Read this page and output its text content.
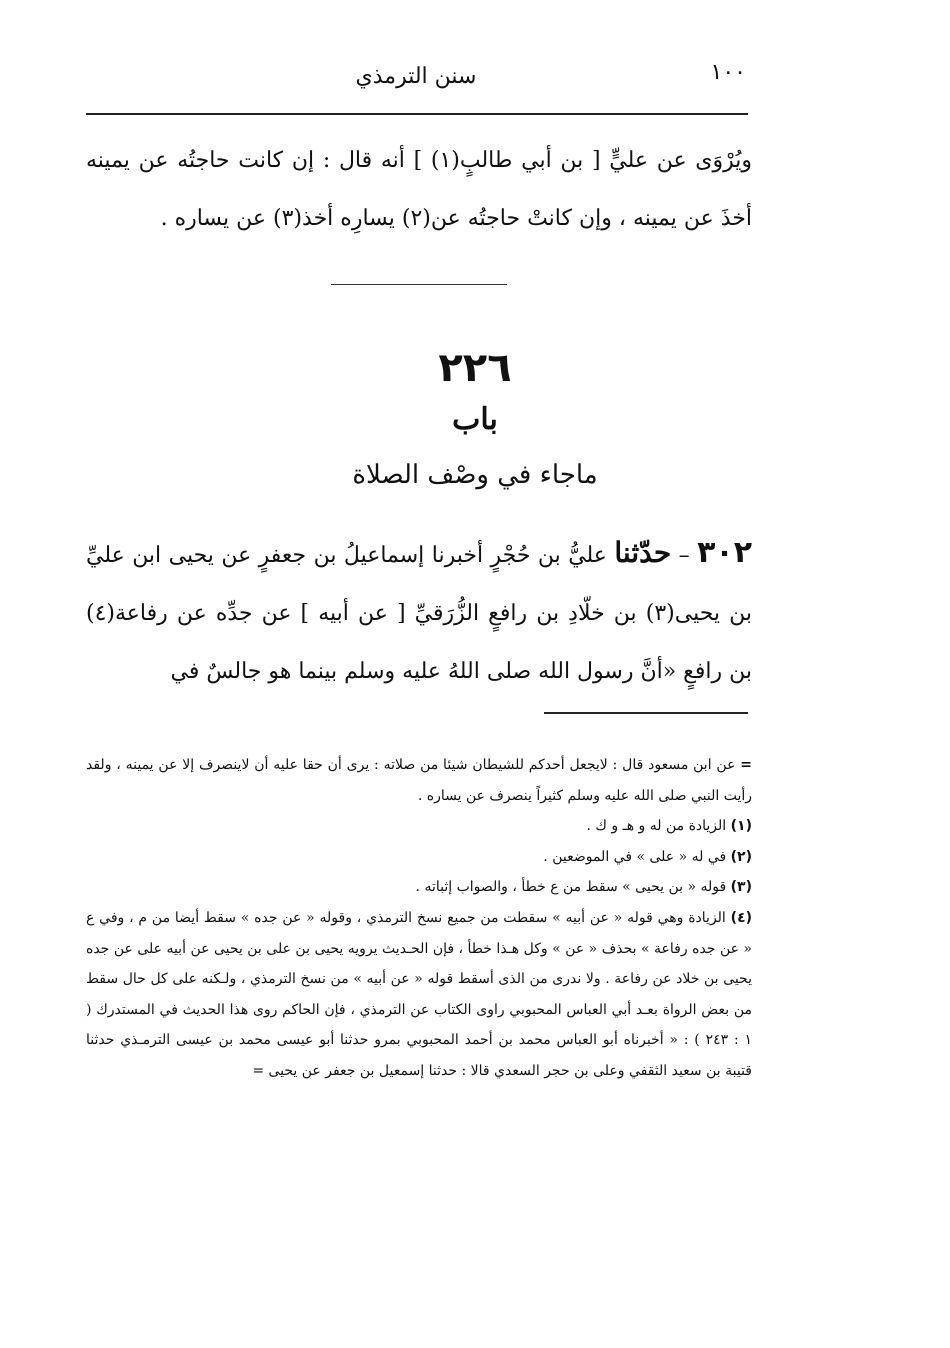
سنن الترمذي	١٠٠
ويُرْوَى عن عليٍّ [ بن أبي طالبٍ(١) ] أنه قال : إن كانت حاجتُه عن يمينه أخذَ عن يمينه ، وإن كانتْ حاجتُه عن(٢) يسارِه أخذ(٣) عن يساره .
٢٢٦
باب
ماجاء في وصْف الصلاة
٣٠٢ – حدّثنا عليُّ بن حُجْرٍ أخبرنا إسماعيلُ بن جعفرٍ عن يحيى ابن عليِّ بن يحيى(٣) بن خلّادِ بن رافعٍ الزُّرَقيِّ [ عن أبيه ] عن جدِّه عن رفاعة(٤) بن رافعٍ «أنَّ رسول الله صلى اللهُ عليه وسلم بينما هو جالسٌ في
= عن ابن مسعود قال : لايجعل أحدكم للشيطان شيئا من صلاته : يرى أن حقا عليه أن لاينصرف إلا عن يمينه ، ولقد رأيت النبي صلى الله عليه وسلم كثيراً ينصرف عن يساره .
(١) الزيادة من له و هـ و ك .
(٢) في له « على » في الموضعين .
(٣) قوله « بن يحيى » سقط من ع خطأ ، والصواب إثباته .
(٤) الزيادة وهي قوله « عن أبيه » سقطت من جميع نسخ الترمذي ، وقوله « عن جده » سقط أيضا من م ، وفي ع « عن جده رفاعة » بحذف « عن » وكل هـذا خطأ ، فإن الحـديث يرويه يحيى بن على بن يحيى عن أبيه على عن جده يحيى بن خلاد عن رفاعة . ولا ندرى من الذى أسقط قوله « عن أبيه » من نسخ الترمذي ، ولـكنه على كل حال سقط من بعض الرواة بعـد أبي العباس المحبوبي راوى الكتاب عن الترمذي ، فإن الحاكم روى هذا الحديث في المستدرك ( ١ : ٢٤٣ ) : « أخبرناه أبو العباس محمد بن أحمد المحبوبي بمرو حدثنا أبو عيسى محمد بن عيسى الترمـذي حدثنا قتيبة بن سعيد الثقفي وعلى بن حجر السعدي قالا : حدثنا إسمعيل بن جعفر عن يحيى =
